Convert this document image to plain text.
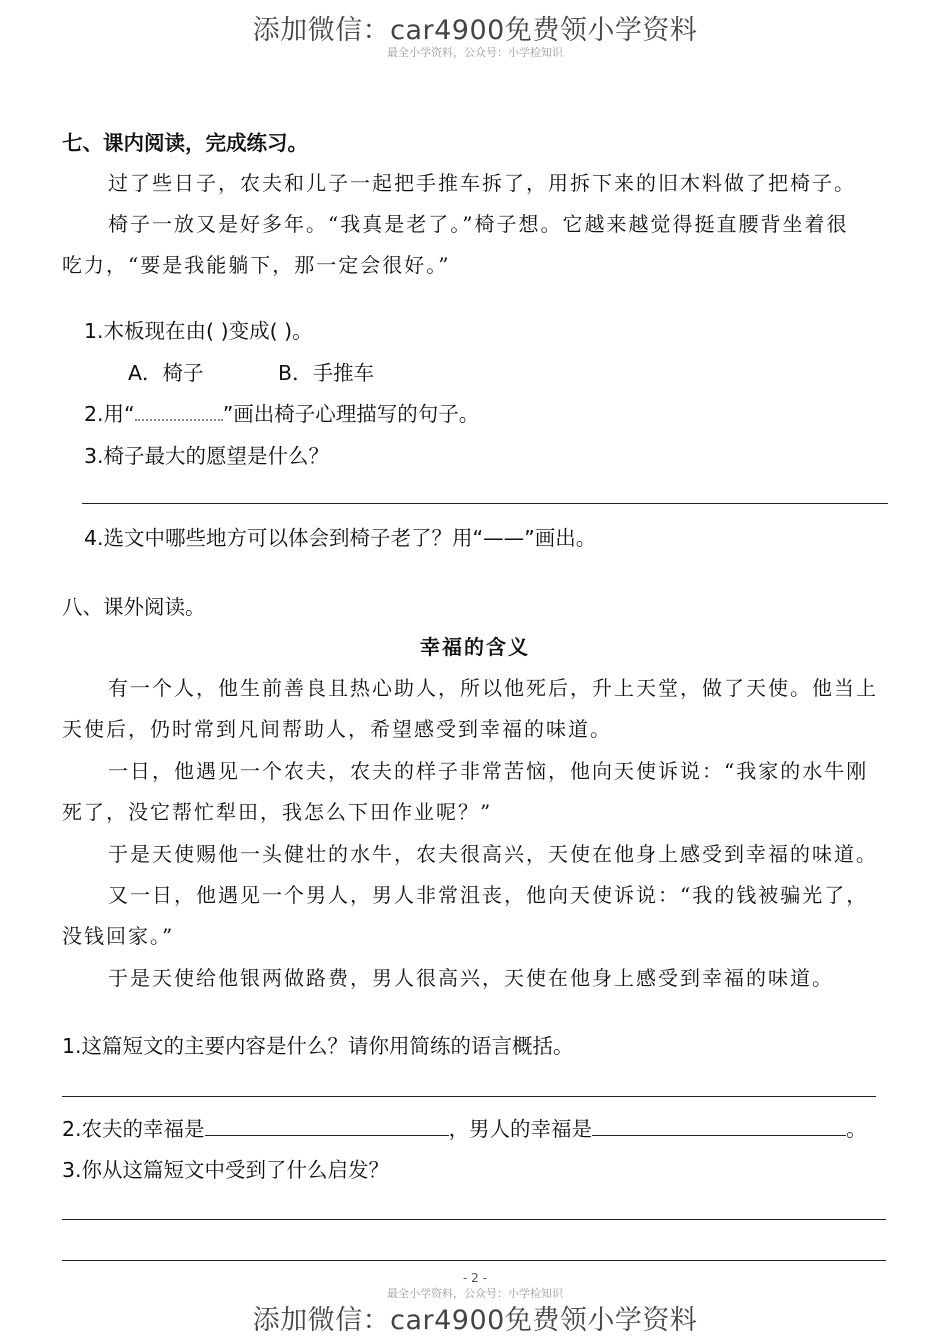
添加微信：car4900免费领小学资料
最全小学资料，公众号：小学检知识
七、课内阅读，完成练习。
过了些日子，农夫和儿子一起把手推车拆了，用拆下来的旧木料做了把椅子。
椅子一放又是好多年。“我真是老了。”椅子想。它越来越觉得挺直腰背坐着很
吃力，“要是我能躺下，那一定会很好。”
1.木板现在由( )变成( )。
A．椅子	B．手推车
2.用“	”画出椅子心理描写的句子。
3.椅子最大的愿望是什么？
4.选文中哪些地方可以体会到椅子老了？用“——”画出。
八、课外阅读。
幸福的含义
有一个人，他生前善良且热心助人，所以他死后，升上天堂，做了天使。他当上
天使后，仍时常到凡间帮助人，希望感受到幸福的味道。
一日，他遇见一个农夫，农夫的样子非常苦恼，他向天使诉说：“我家的水牛刚
死了，没它帮忙犁田，我怎么下田作业呢？”
于是天使赐他一头健壮的水牛，农夫很高兴，天使在他身上感受到幸福的味道。
又一日，他遇见一个男人，男人非常沮丧，他向天使诉说：“我的钱被骗光了，
没钱回家。”
于是天使给他银两做路费，男人很高兴，天使在他身上感受到幸福的味道。
1.这篇短文的主要内容是什么？请你用简练的语言概括。
2.农夫的幸福是	，男人的幸福是	。
3.你从这篇短文中受到了什么启发？
- 2 -
最全小学资料，公众号：小学检知识
添加微信：car4900免费领小学资料
